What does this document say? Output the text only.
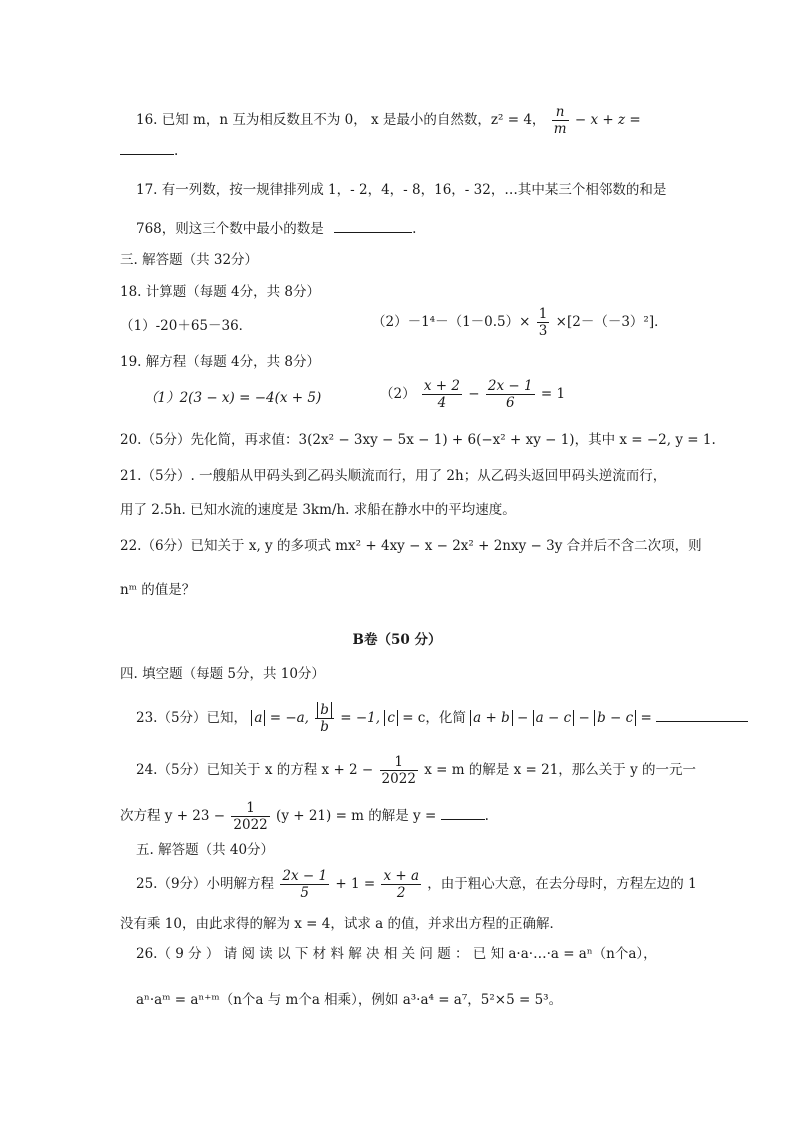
16. 已知 m，n 互为相反数且不为 0， x 是最小的自然数，z² = 4， $\frac{n}{m} - x + z$ =
.
17. 有一列数，按一规律排列成 1，- 2，4，- 8，16，- 32，…其中某三个相邻数的和是
768，则这三个数中最小的数是	.
三. 解答题（共 32分）
18. 计算题（每题 4分，共 8分）
（1）-20＋65－36．	$(2)-1^4-(1-0.5)\times \frac{1}{3} \times[2-(-3)^2]$．
19. 解方程（每题 4分，共 8分）
（1）2(3 − x) = −4(x + 5)	$(2) \frac{x + 2}{4} - \frac{2x - 1}{6} = 1$
20.（5分）先化简，再求值：3(2x² − 3xy − 5x − 1) + 6(−x² + xy − 1)，其中 x = −2, y = 1.
21.（5分）. 一艘船从甲码头到乙码头顺流而行，用了 2h；从乙码头返回甲码头逆流而行，
用了 2.5h. 已知水流的速度是 3km/h. 求船在静水中的平均速度。
22.（6分）已知关于 x, y 的多项式 mx² + 4xy − x − 2x² + 2nxy − 3y 合并后不含二次项，则
nᵐ 的值是？
B卷（50 分）
四. 填空题（每题 5分，共 10分）
23.（5分）已知， a = −a, $\frac{b}{b} = -1$, c = c，化简 a + b − a − c − b − c =
24.（5分）已知关于 x 的方程 $x + 2 - \frac{1}{2022}$ x = m 的解是 x = 21，那么关于 y 的一元一
次方程 $y + 23 - \frac{1}{2022} (y + 21) = m$ 的解是 y =	.
五. 解答题（共 40分）
25.（9分）小明解方程 $\frac{2x - 1}{5} + 1 = \frac{x + a}{2}$ ，由于粗心大意，在去分母时，方程左边的 1
没有乘 10，由此求得的解为 x = 4，试求 a 的值，并求出方程的正确解．
26.（ 9 分 ） 请 阅 读 以 下 材 料 解 决 相 关 问 题 ： 已 知 a·a·…·a = aⁿ（n个a），
aⁿ·aᵐ = aⁿ⁺ᵐ（n个a 与 m个a 相乘），例如 a³·a⁴ = a⁷，5²×5 = 5³。
